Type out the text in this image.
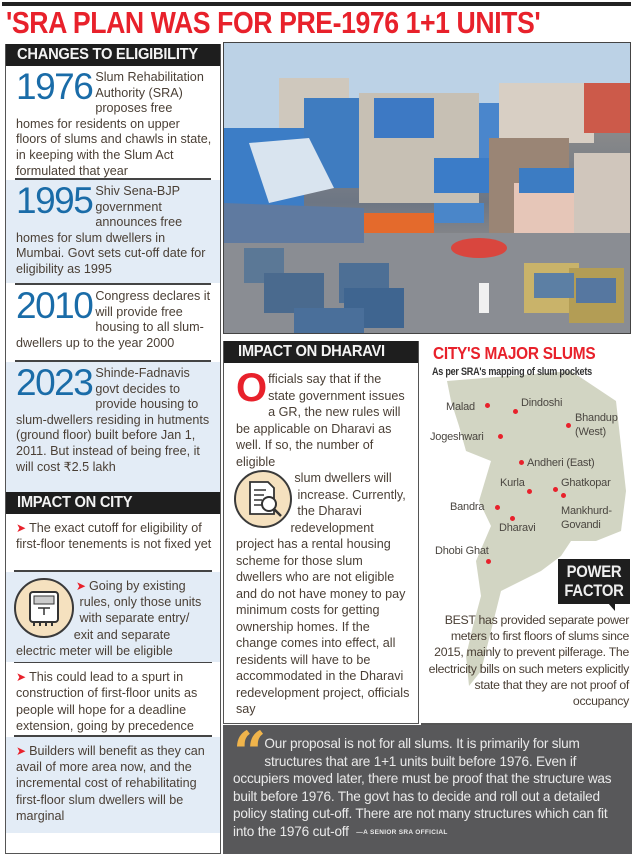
'SRA PLAN WAS FOR PRE-1976 1+1 UNITS'
CHANGES TO ELIGIBILITY
1976 Slum Rehabilitation Authority (SRA) proposes free homes for residents on upper floors of slums and chawls in state, in keeping with the Slum Act formulated that year
1995 Shiv Sena-BJP government announces free homes for slum dwellers in Mumbai. Govt sets cut-off date for eligibility as 1995
2010 Congress declares it will provide free housing to all slum-dwellers up to the year 2000
2023 Shinde-Fadnavis govt decides to provide housing to slum-dwellers residing in hutments (ground floor) built before Jan 1, 2011. But instead of being free, it will cost ₹2.5 lakh
IMPACT ON CITY
➤ The exact cutoff for eligibility of first-floor tenements is not fixed yet
➤ Going by existing rules, only those units with separate entry/ exit and separate electric meter will be eligible
➤ This could lead to a spurt in construction of first-floor units as people will hope for a deadline extension, going by precedence
➤ Builders will benefit as they can avail of more area now, and the incremental cost of rehabilitating first-floor slum dwellers will be marginal
IMPACT ON DHARAVI
Officials say that if the state government issues a GR, the new rules will be applicable on Dharavi as well. If so, the number of eligible
slum dwellers will increase. Currently, the Dharavi redevelopment project has a rental housing scheme for those slum dwellers who are not eligible and do not have money to pay minimum costs for getting ownership homes. If the change comes into effect, all residents will have to be accommodated in the Dharavi redevelopment project, officials say
CITY'S MAJOR SLUMS
As per SRA's mapping of slum pockets
Malad	Dindoshi
Bhandup
(West)
Jogeshwari
Andheri (East)
Kurla	Ghatkopar
Bandra	Mankhurd-
Govandi
Dharavi
Dhobi Ghat
POWER
FACTOR
BEST has provided separate power meters to first floors of slums since 2015, mainly to prevent pilferage. The electricity bills on such meters explicitly state that they are not proof of occupancy
“ Our proposal is not for all slums. It is primarily for slum structures that are 1+1 units built before 1976. Even if occupiers moved later, there must be proof that the structure was built before 1976. The govt has to decide and roll out a detailed policy stating cut-off. There are not many structures which can fit into the 1976 cut-off —A SENIOR SRA OFFICIAL
